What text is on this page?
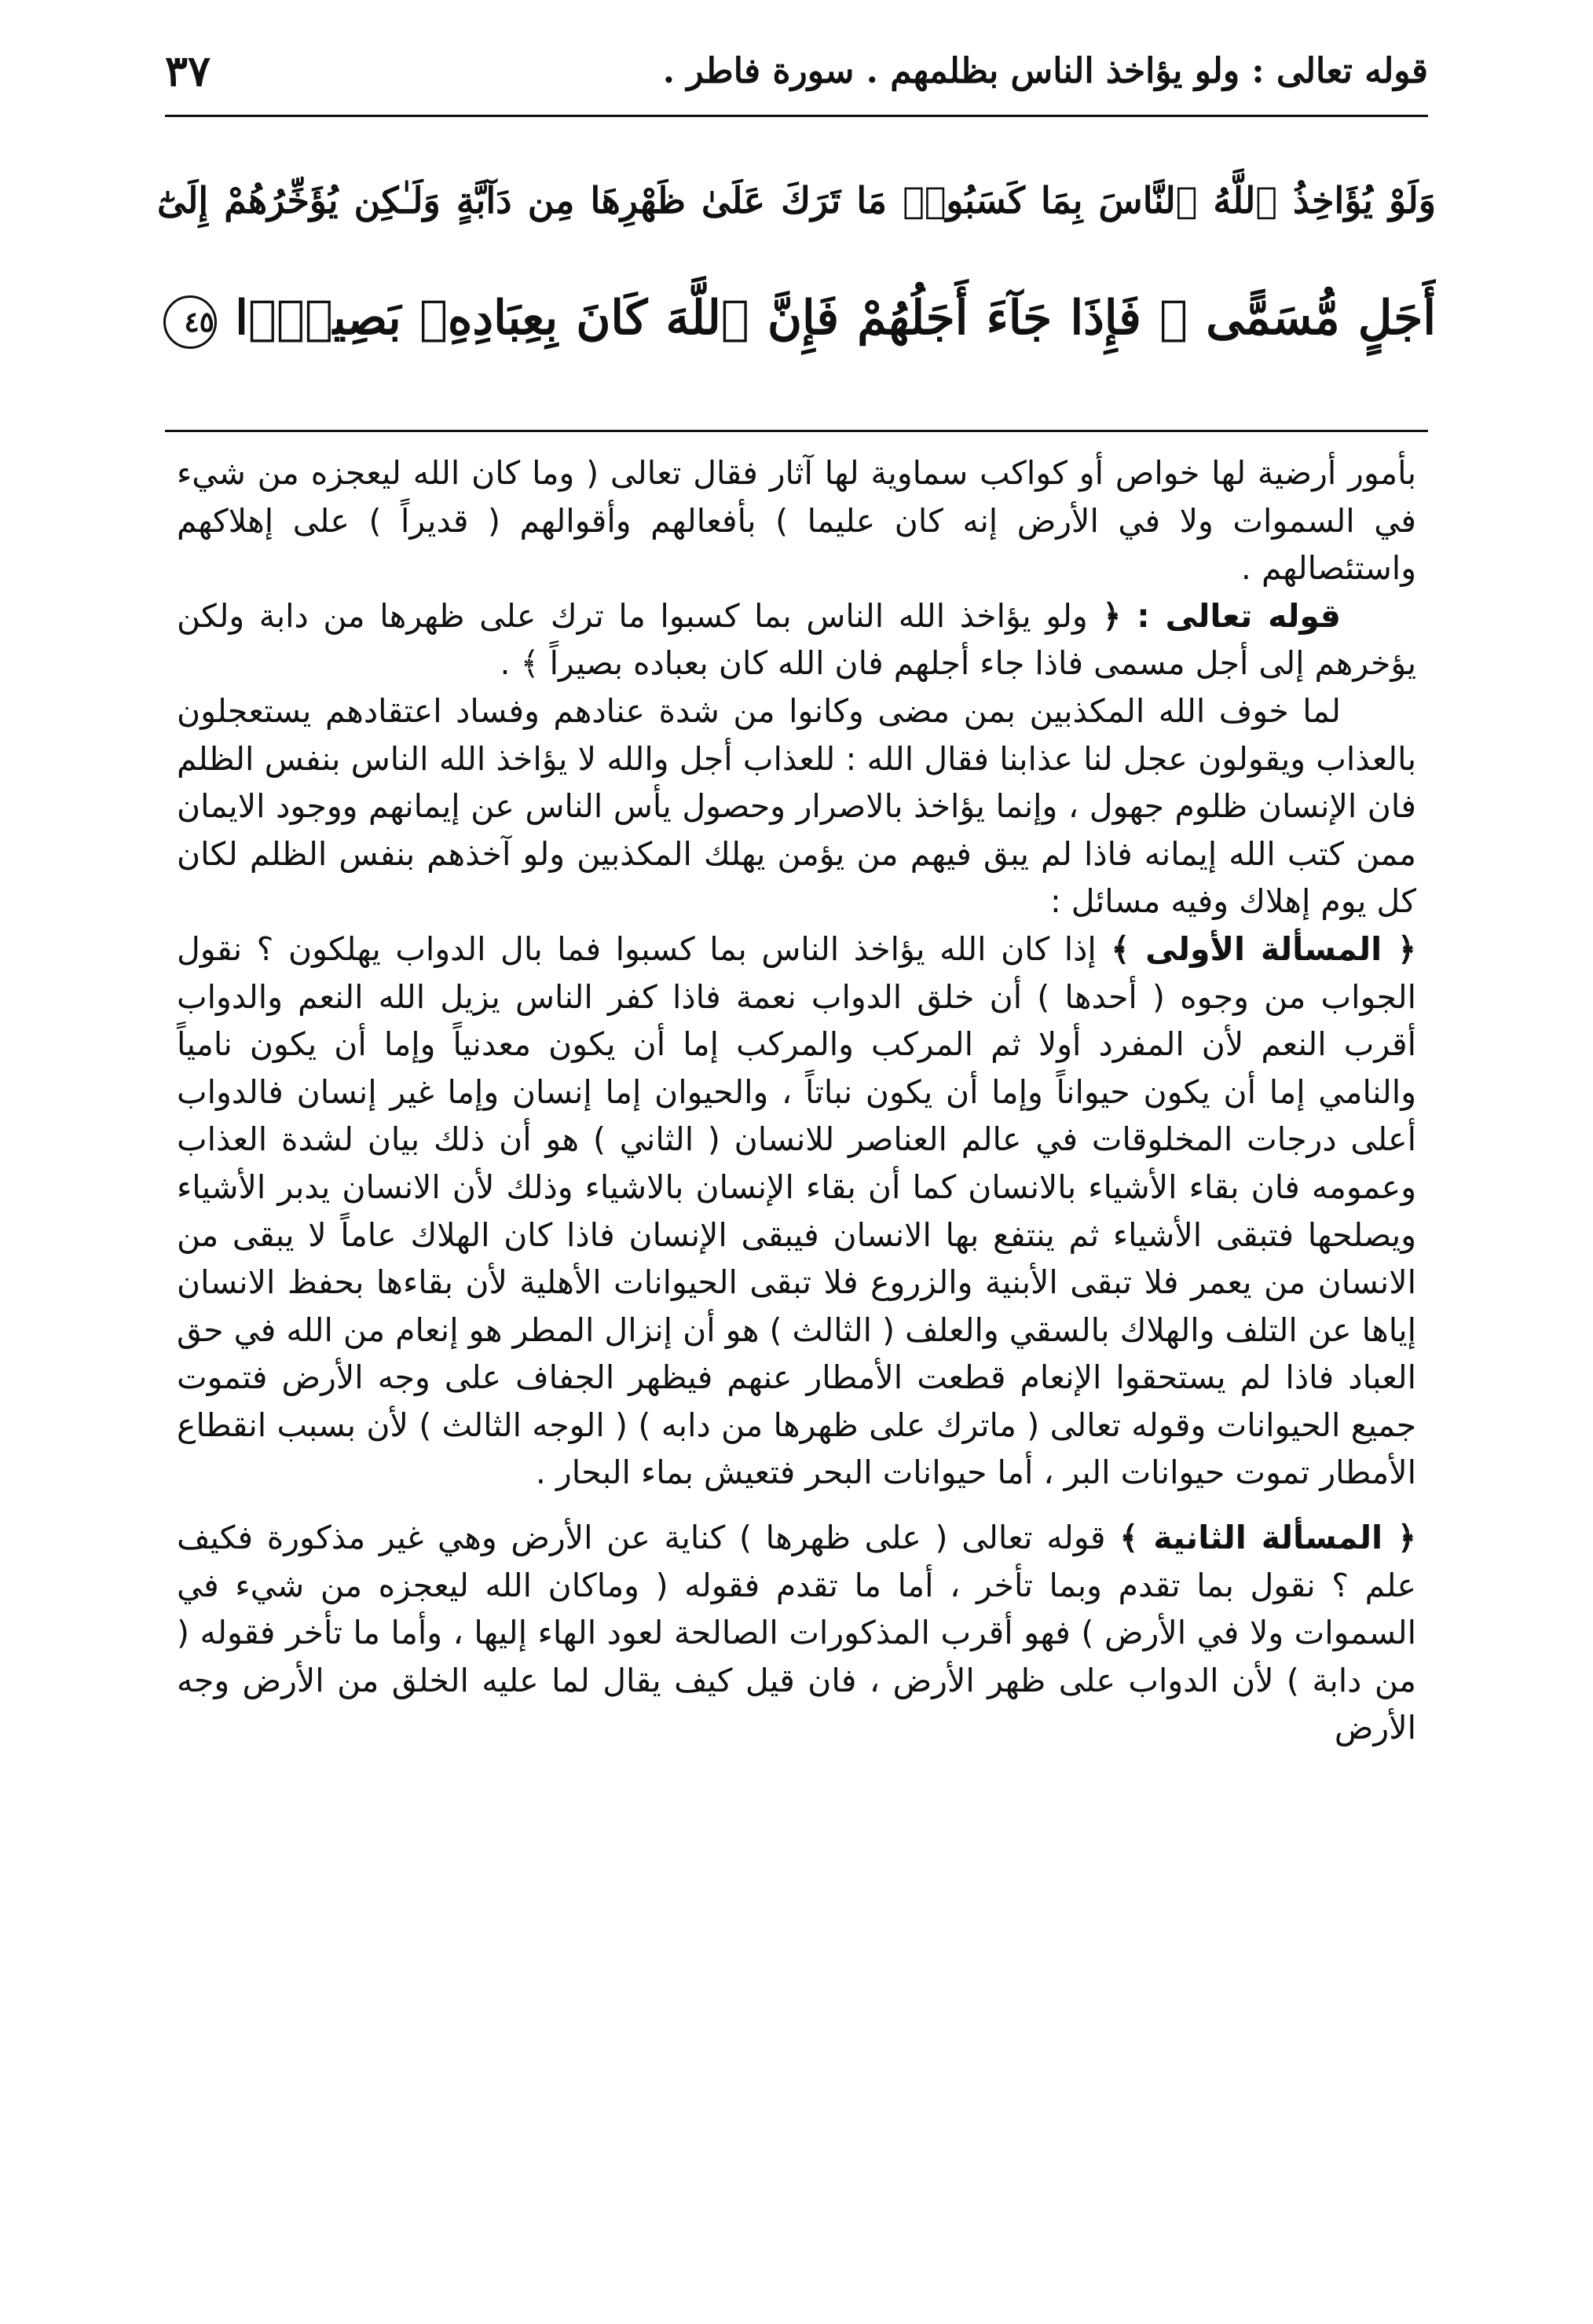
قوله تعالى : ولو يؤاخذ الناس بظلمهم . سورة فاطر .
٣٧
وَلَوْ يُؤَاخِذُ ٱللَّهُ ٱلنَّاسَ بِمَا كَسَبُوا۟ مَا تَرَكَ عَلَىٰ ظَهْرِهَا مِن دَآبَّةٍ وَلَـٰكِن يُؤَخِّرُهُمْ إِلَىٰٓ
أَجَلٍ مُّسَمًّى ۖ فَإِذَا جَآءَ أَجَلُهُمْ فَإِنَّ ٱللَّهَ كَانَ بِعِبَادِهِۦ بَصِيرًۢا ٤٥

بأمور أرضية لها خواص أو كواكب سماوية لها آثار فقال تعالى ( وما كان الله ليعجزه من شيء في السموات ولا في الأرض إنه كان عليما ) بأفعالهم وأقوالهم ( قديراً ) على إهلاكهم واستئصالهم .

قوله تعالى : ﴿ ولو يؤاخذ الله الناس بما كسبوا ما ترك على ظهرها من دابة ولكن يؤخرهم إلى أجل مسمى فاذا جاء أجلهم فان الله كان بعباده بصيراً ﴾ .

لما خوف الله المكذبين بمن مضى وكانوا من شدة عنادهم وفساد اعتقادهم يستعجلون بالعذاب ويقولون عجل لنا عذابنا فقال الله : للعذاب أجل والله لا يؤاخذ الله الناس بنفس الظلم فان الإنسان ظلوم جهول ، وإنما يؤاخذ بالاصرار وحصول يأس الناس عن إيمانهم ووجود الايمان ممن كتب الله إيمانه فاذا لم يبق فيهم من يؤمن يهلك المكذبين ولو آخذهم بنفس الظلم لكان كل يوم إهلاك وفيه مسائل :

﴿ المسألة الأولى ﴾ إذا كان الله يؤاخذ الناس بما كسبوا فما بال الدواب يهلكون ؟ نقول الجواب من وجوه ( أحدها ) أن خلق الدواب نعمة فاذا كفر الناس يزيل الله النعم والدواب أقرب النعم لأن المفرد أولا ثم المركب والمركب إما أن يكون معدنياً وإما أن يكون نامياً والنامي إما أن يكون حيواناً وإما أن يكون نباتاً ، والحيوان إما إنسان وإما غير إنسان فالدواب أعلى درجات المخلوقات في عالم العناصر للانسان ( الثاني ) هو أن ذلك بيان لشدة العذاب وعمومه فان بقاء الأشياء بالانسان كما أن بقاء الإنسان بالاشياء وذلك لأن الانسان يدبر الأشياء ويصلحها فتبقى الأشياء ثم ينتفع بها الانسان فيبقى الإنسان فاذا كان الهلاك عاماً لا يبقى من الانسان من يعمر فلا تبقى الأبنية والزروع فلا تبقى الحيوانات الأهلية لأن بقاءها بحفظ الانسان إياها عن التلف والهلاك بالسقي والعلف ( الثالث ) هو أن إنزال المطر هو إنعام من الله في حق العباد فاذا لم يستحقوا الإنعام قطعت الأمطار عنهم فيظهر الجفاف على وجه الأرض فتموت جميع الحيوانات وقوله تعالى ( ماترك على ظهرها من دابه ) ( الوجه الثالث ) لأن بسبب انقطاع الأمطار تموت حيوانات البر ، أما حيوانات البحر فتعيش بماء البحار .

﴿ المسألة الثانية ﴾ قوله تعالى ( على ظهرها ) كناية عن الأرض وهي غير مذكورة فكيف علم ؟ نقول بما تقدم وبما تأخر ، أما ما تقدم فقوله ( وماكان الله ليعجزه من شيء في السموات ولا في الأرض ) فهو أقرب المذكورات الصالحة لعود الهاء إليها ، وأما ما تأخر فقوله ( من دابة ) لأن الدواب على ظهر الأرض ، فان قيل كيف يقال لما عليه الخلق من الأرض وجه الأرض
